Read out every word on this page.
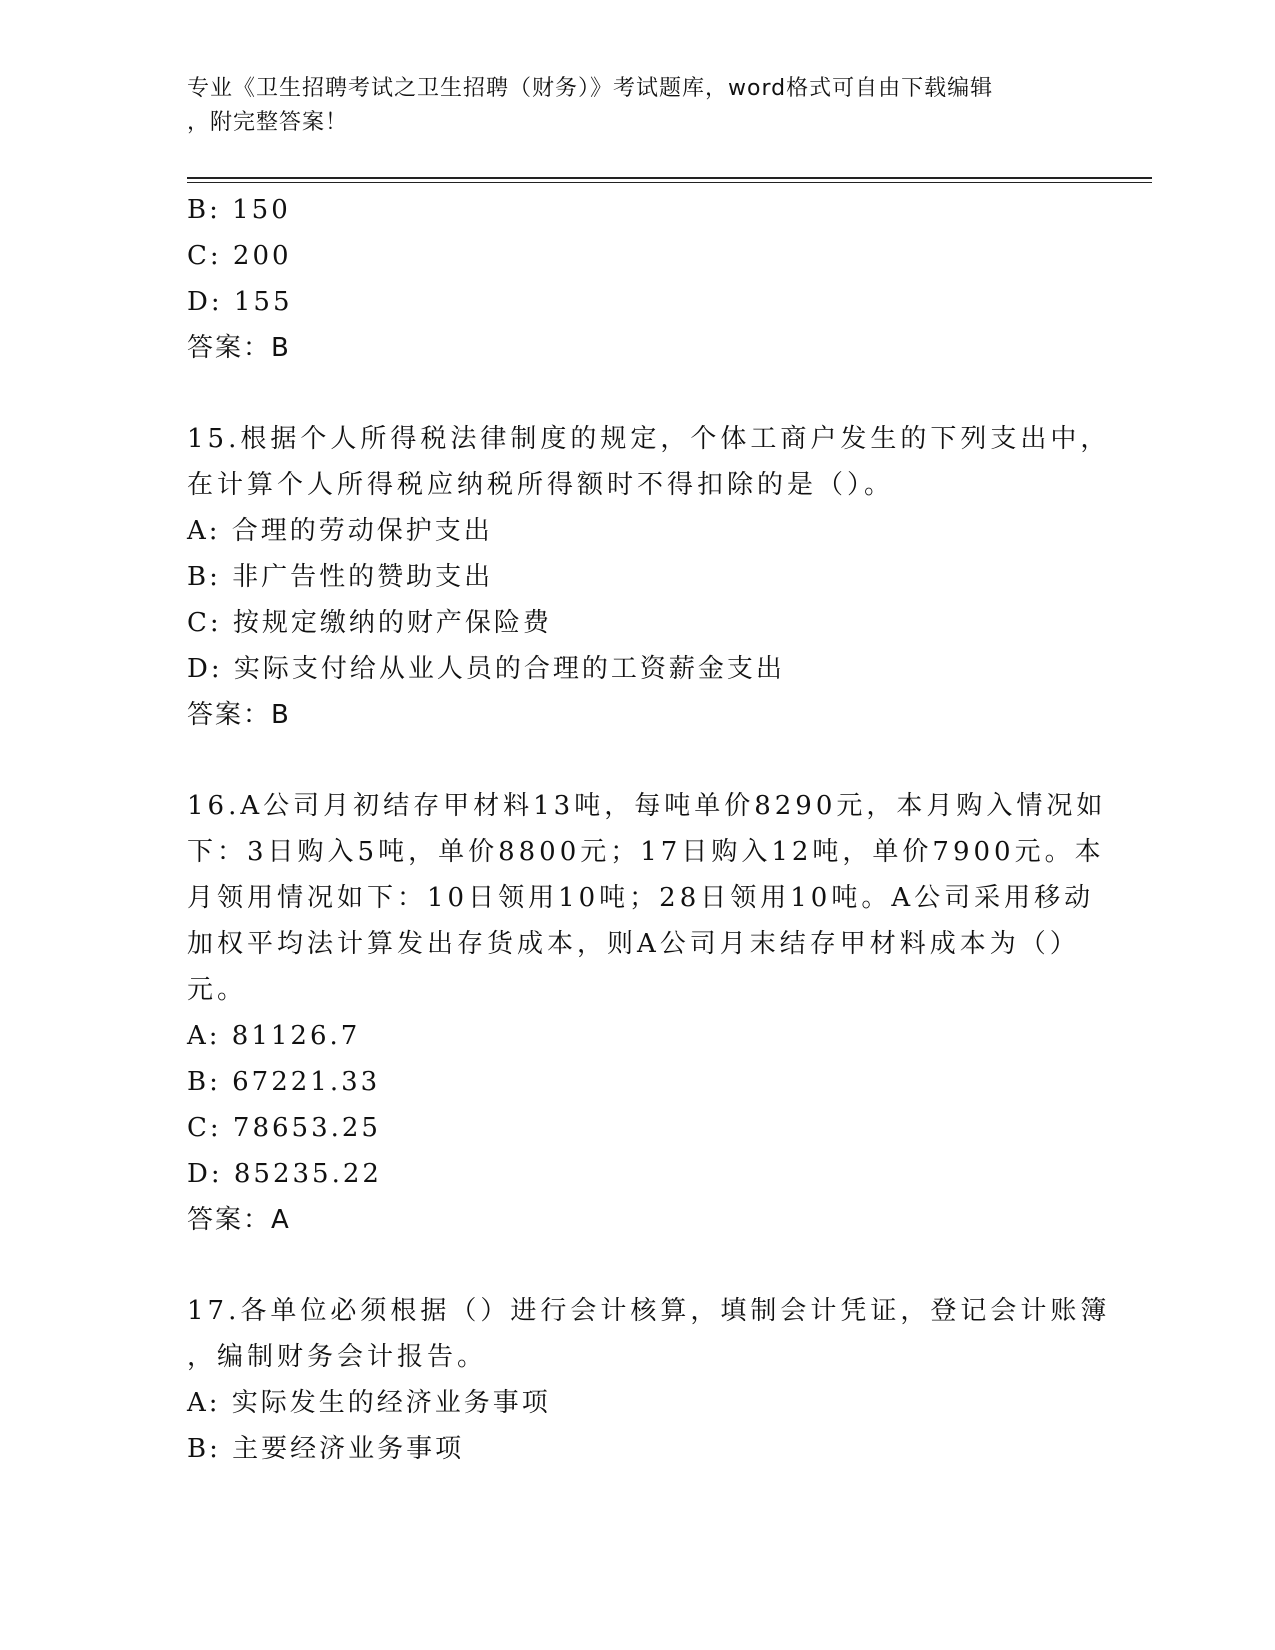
专业《卫生招聘考试之卫生招聘（财务）》考试题库，word格式可自由下载编辑
，附完整答案！
B: 150
C: 200
D: 155
答案：B
15.根据个人所得税法律制度的规定，个体工商户发生的下列支出中，
在计算个人所得税应纳税所得额时不得扣除的是（）。
A: 合理的劳动保护支出
B: 非广告性的赞助支出
C: 按规定缴纳的财产保险费
D: 实际支付给从业人员的合理的工资薪金支出
答案：B
16.A公司月初结存甲材料13吨，每吨单价8290元，本月购入情况如
下：3日购入5吨，单价8800元；17日购入12吨，单价7900元。本
月领用情况如下：10日领用10吨；28日领用10吨。A公司采用移动
加权平均法计算发出存货成本，则A公司月末结存甲材料成本为（）
元。
A: 81126.7
B: 67221.33
C: 78653.25
D: 85235.22
答案：A
17.各单位必须根据（）进行会计核算，填制会计凭证，登记会计账簿
，编制财务会计报告。
A: 实际发生的经济业务事项
B: 主要经济业务事项
